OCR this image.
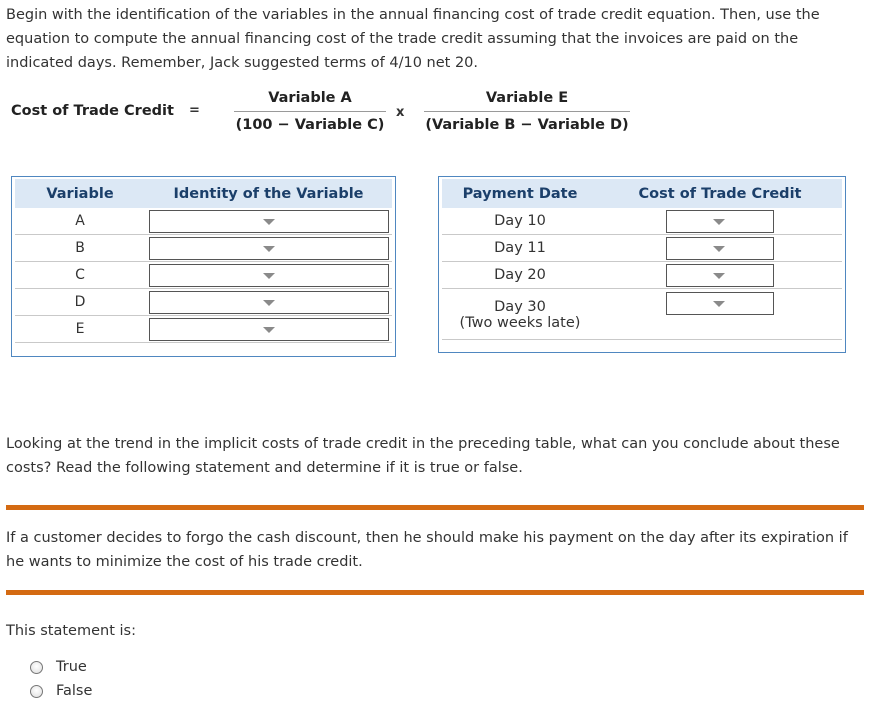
Begin with the identification of the variables in the annual financing cost of trade credit equation. Then, use the equation to compute the annual financing cost of the trade credit assuming that the invoices are paid on the indicated days. Remember, Jack suggested terms of 4/10 net 20.

Cost of Trade Credit =
Variable A
(100 − Variable C)
x
Variable E
(Variable B − Variable D)
Variable	Identity of the Variable
A	

B	

C	

D	

E	
Payment Date	Cost of Trade Credit
Day 10	

Day 11	

Day 20	

Day 30	

(Two weeks late)	

Looking at the trend in the implicit costs of trade credit in the preceding table, what can you conclude about these costs? Read the following statement and determine if it is true or false.

If a customer decides to forgo the cash discount, then he should make his payment on the day after its expiration if he wants to minimize the cost of his trade credit.

This statement is:

True
False
